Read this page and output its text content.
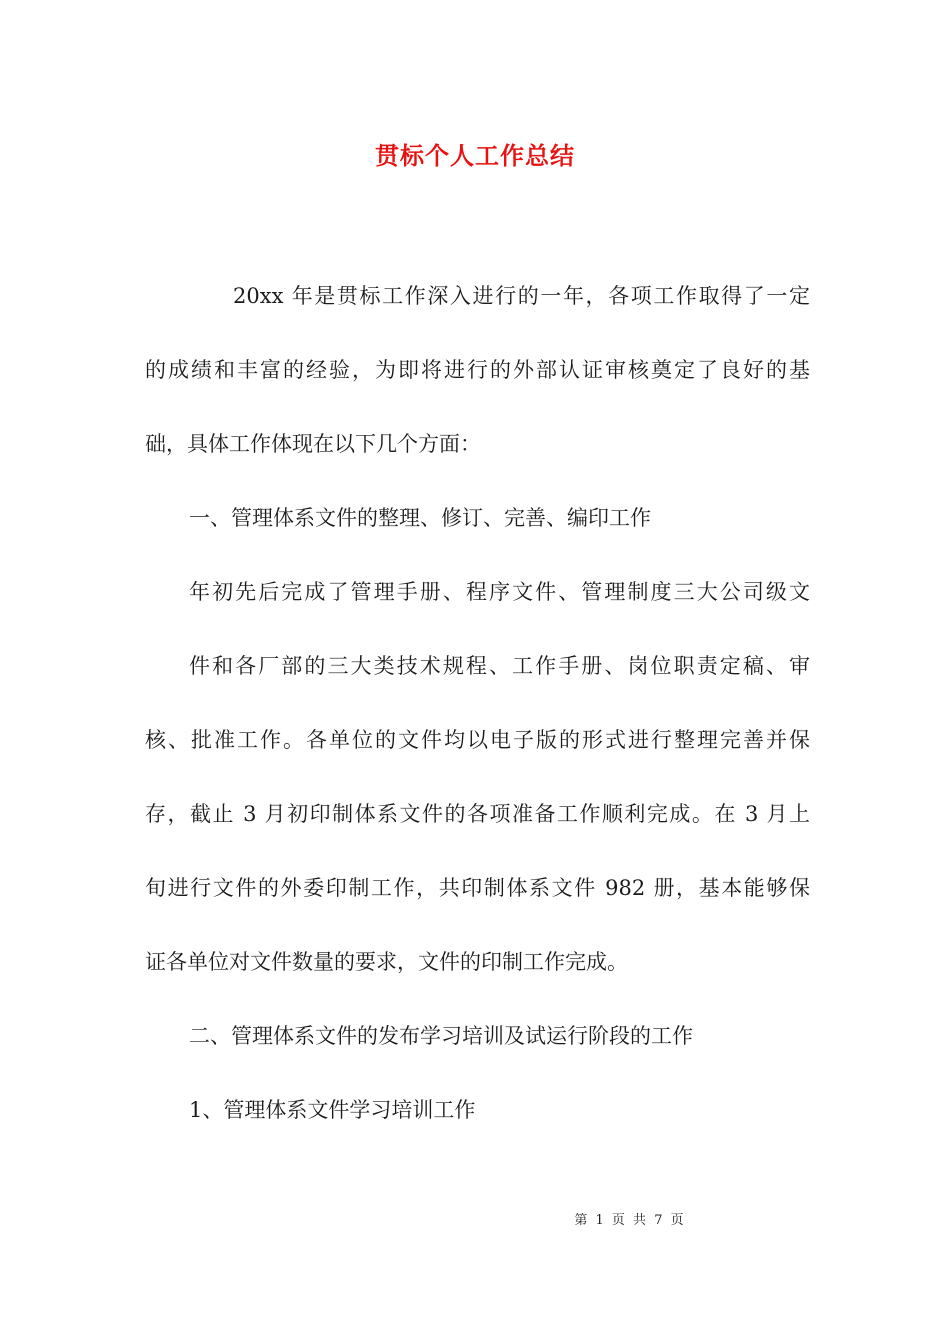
贯标个人工作总结
20xx 年是贯标工作深入进行的一年，各项工作取得了一定
的成绩和丰富的经验，为即将进行的外部认证审核奠定了良好的基
础，具体工作体现在以下几个方面：
一、管理体系文件的整理、修订、完善、编印工作
年初先后完成了管理手册、程序文件、管理制度三大公司级文
件和各厂部的三大类技术规程、工作手册、岗位职责定稿、审
核、批准工作。各单位的文件均以电子版的形式进行整理完善并保
存，截止 3 月初印制体系文件的各项准备工作顺利完成。在 3 月上
旬进行文件的外委印制工作，共印制体系文件 982 册，基本能够保
证各单位对文件数量的要求，文件的印制工作完成。
二、管理体系文件的发布学习培训及试运行阶段的工作
1、管理体系文件学习培训工作
第 1 页 共 7 页
